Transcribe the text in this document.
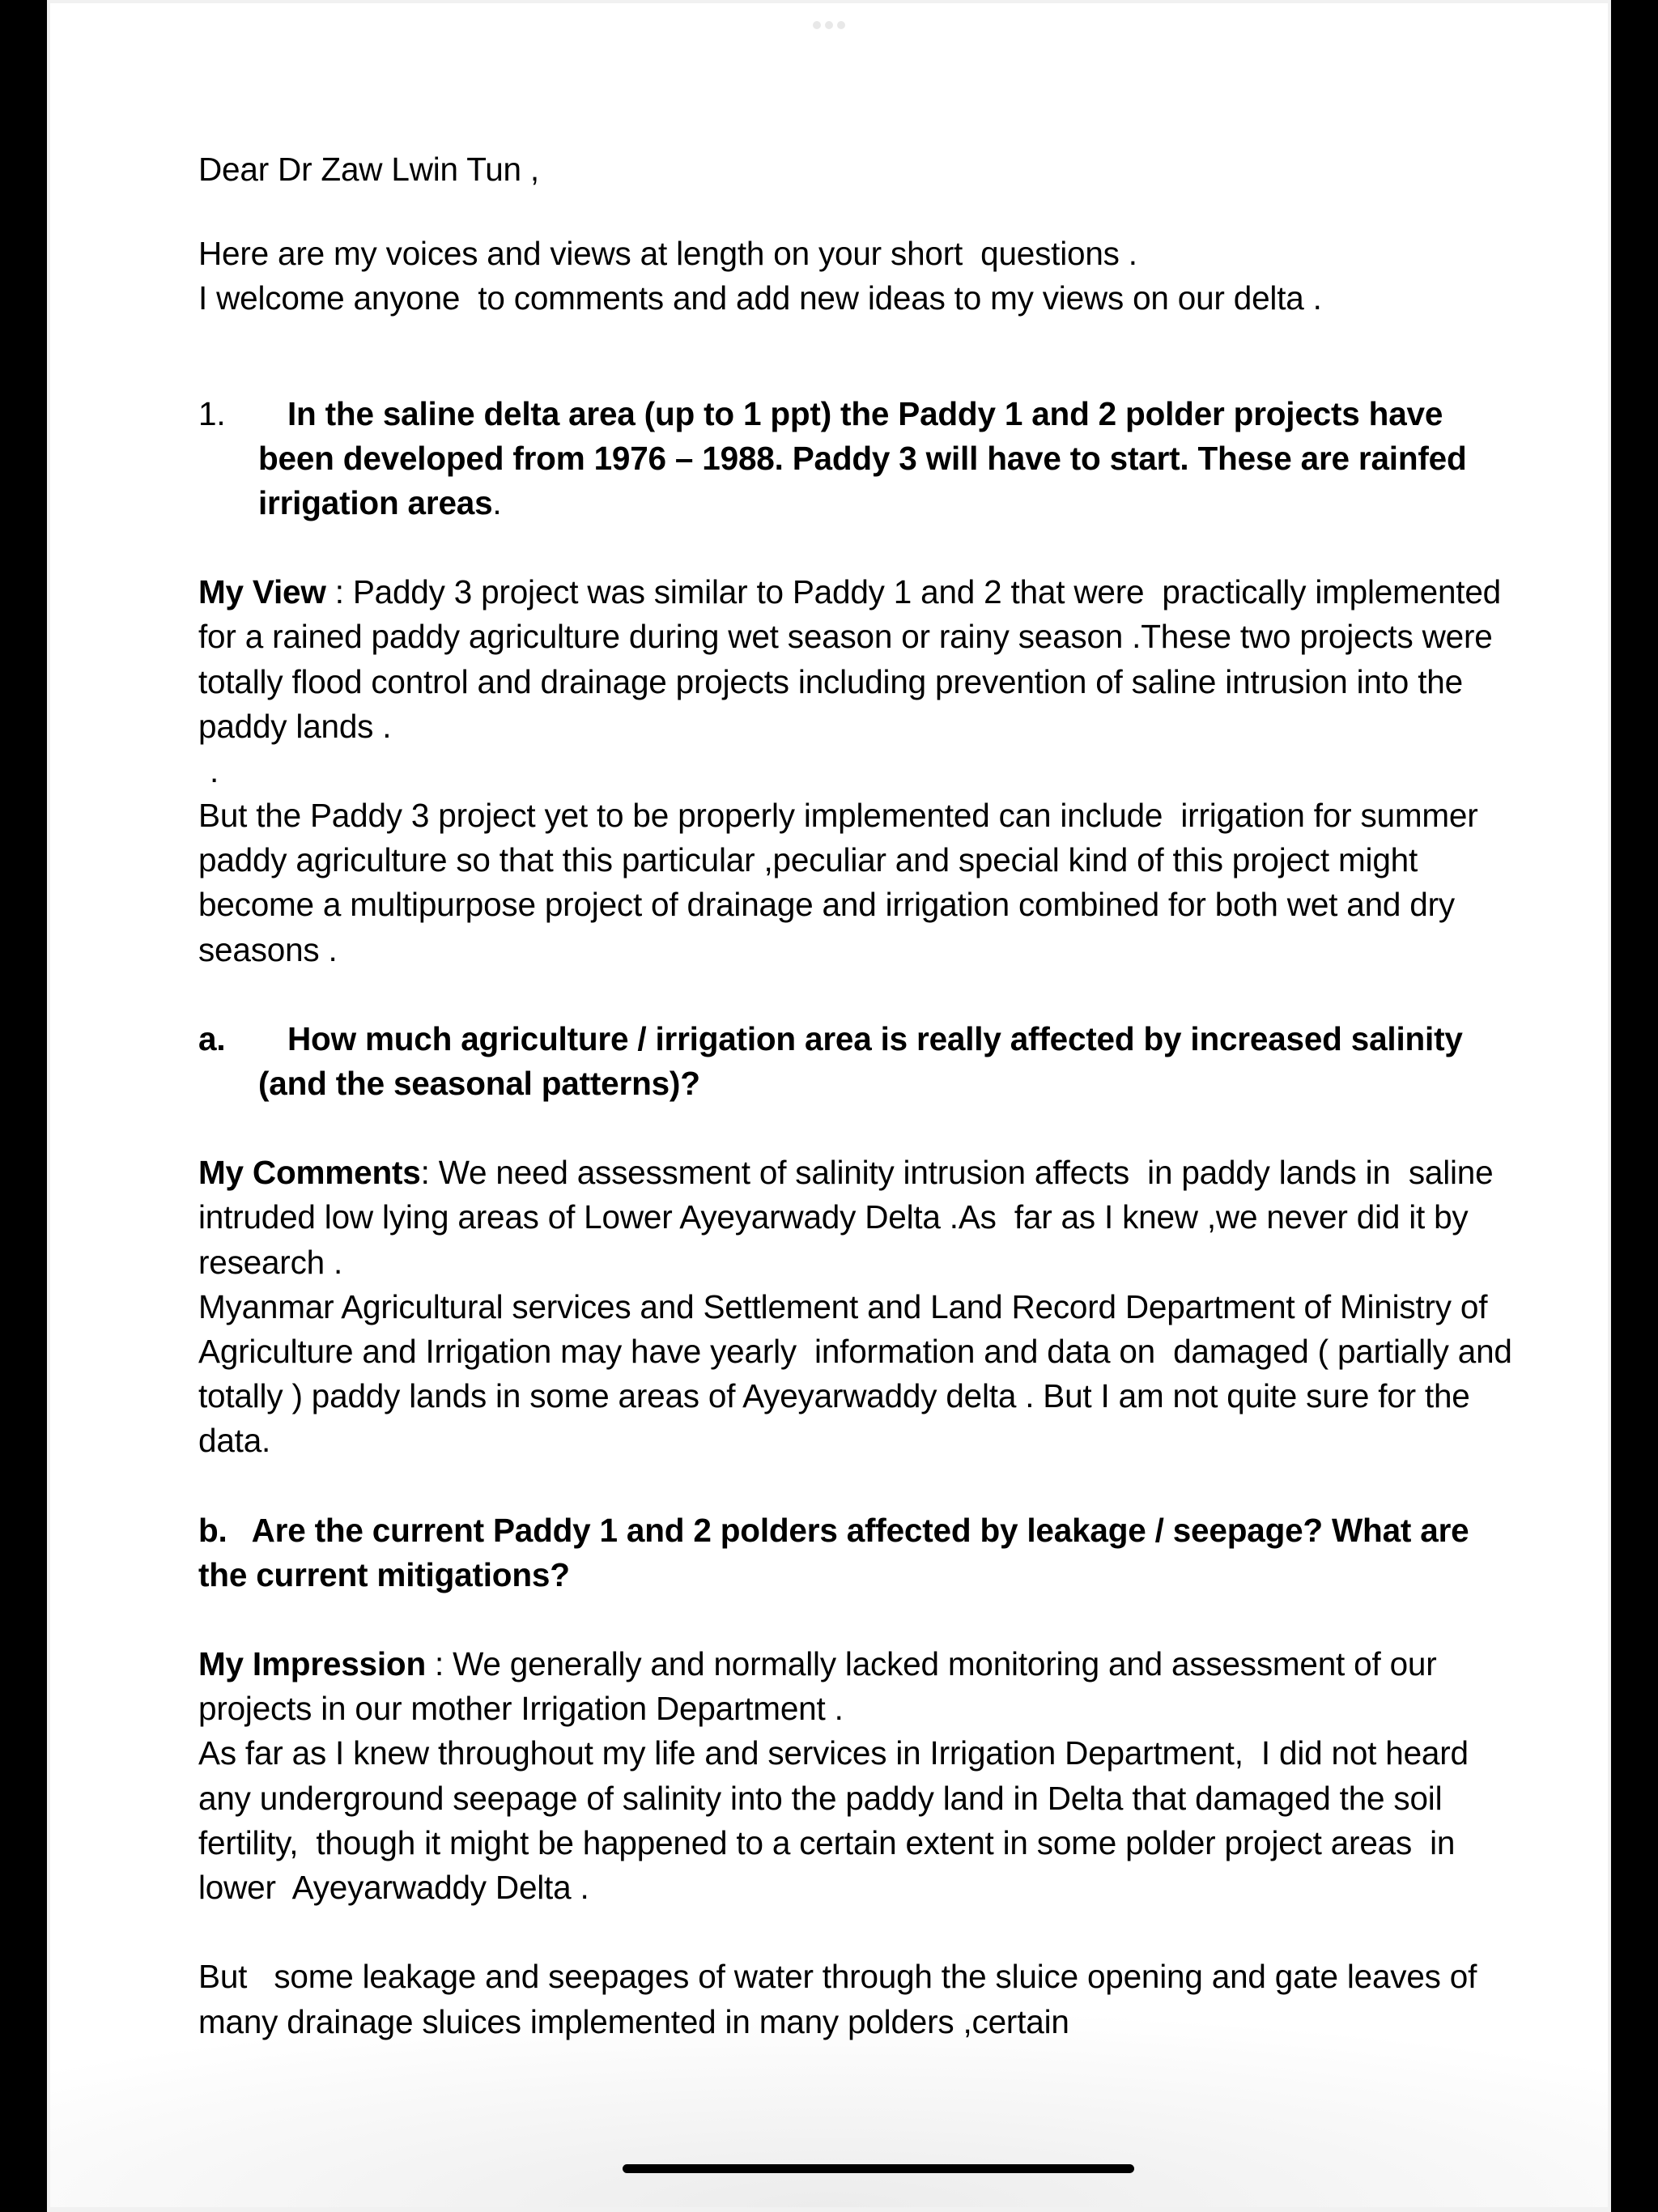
Dear Dr Zaw Lwin Tun ,

Here are my voices and views at length on your short  questions .

I welcome anyone  to comments and add new ideas to my views on our delta .

1.	In the saline delta area (up to 1 ppt) the Paddy 1 and 2 polder projects have been developed from 1976 – 1988. Paddy 3 will have to start. These are rainfed irrigation areas.

My View : Paddy 3 project was similar to Paddy 1 and 2 that were  practically implemented  for a rained paddy agriculture during wet season or rainy season .These two projects were totally flood control and drainage projects including prevention of saline intrusion into the paddy lands .

.

But the Paddy 3 project yet to be properly implemented can include  irrigation for summer paddy agriculture so that this particular ,peculiar and special kind of this project might become a multipurpose project of drainage and irrigation combined for both wet and dry seasons .

a.	How much agriculture / irrigation area is really affected by increased salinity (and the seasonal patterns)?

My Comments: We need assessment of salinity intrusion affects  in paddy lands in  saline intruded low lying areas of Lower Ayeyarwady Delta .As  far as I knew ,we never did it by research .

Myanmar Agricultural services and Settlement and Land Record Department of Ministry of Agriculture and Irrigation may have yearly  information and data on  damaged ( partially and totally ) paddy lands in some areas of Ayeyarwaddy delta . But I am not quite sure for the data.

b. Are the current Paddy 1 and 2 polders affected by leakage / seepage? What are the current mitigations?

My Impression : We generally and normally lacked monitoring and assessment of our projects in our mother Irrigation Department .

As far as I knew throughout my life and services in Irrigation Department,  I did not heard any underground seepage of salinity into the paddy land in Delta that damaged the soil fertility,  though it might be happened to a certain extent in some polder project areas  in lower  Ayeyarwaddy Delta .

But   some leakage and seepages of water through the sluice opening and gate leaves of many drainage sluices implemented in many polders ,certain
